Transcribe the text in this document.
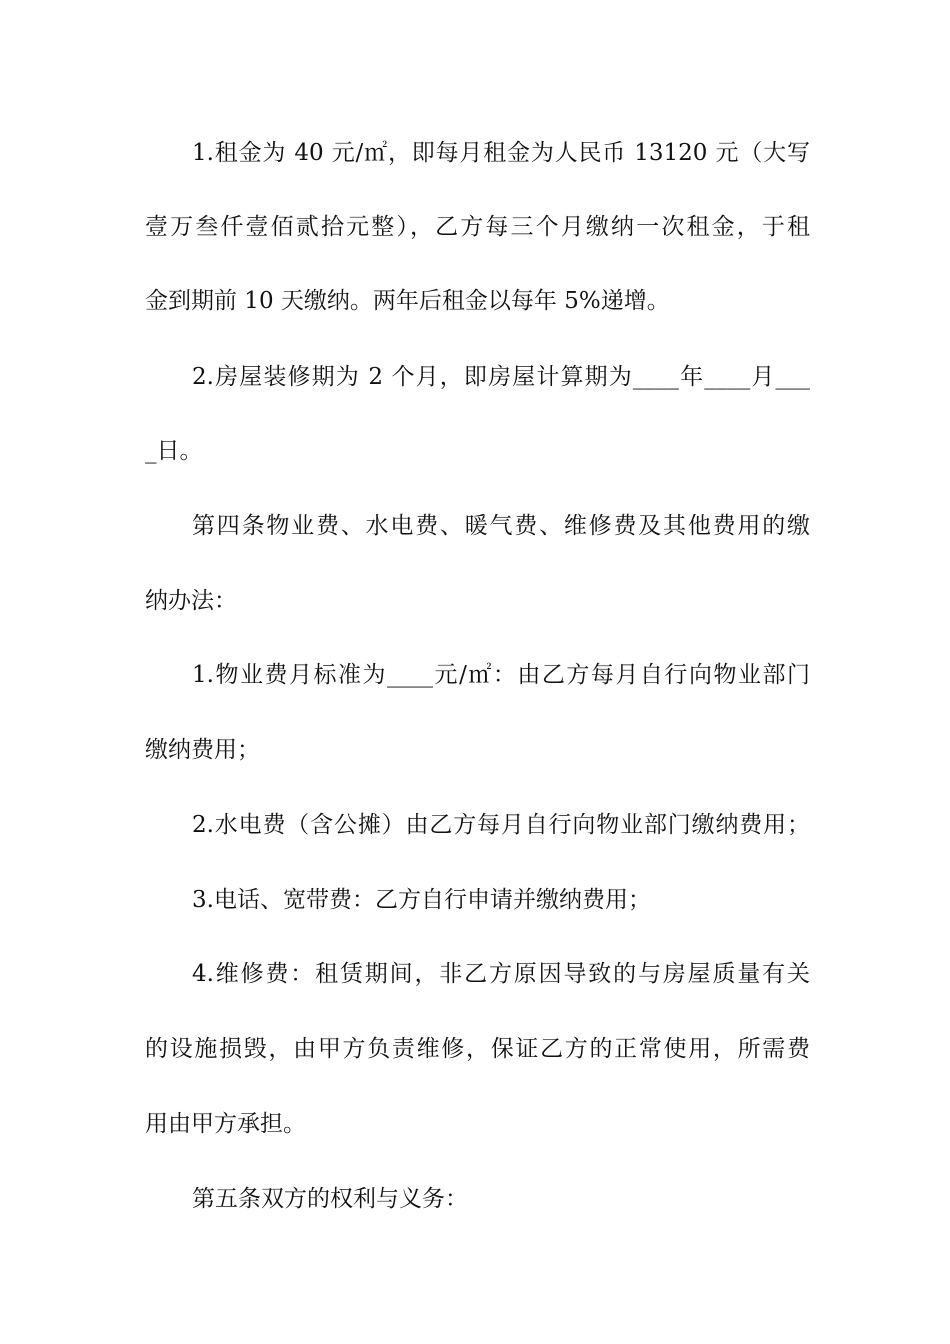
1.租金为 40 元/㎡，即每月租金为人民币 13120 元（大写
壹万叁仟壹佰贰拾元整），乙方每三个月缴纳一次租金，于租
金到期前 10 天缴纳。两年后租金以每年 5%递增。
2.房屋装修期为 2 个月，即房屋计算期为____年____月___
_日。
第四条物业费、水电费、暖气费、维修费及其他费用的缴
纳办法：
1.物业费月标准为____元/㎡：由乙方每月自行向物业部门
缴纳费用；
2.水电费（含公摊）由乙方每月自行向物业部门缴纳费用；
3.电话、宽带费：乙方自行申请并缴纳费用；
4.维修费：租赁期间，非乙方原因导致的与房屋质量有关
的设施损毁，由甲方负责维修，保证乙方的正常使用，所需费
用由甲方承担。
第五条双方的权利与义务：
